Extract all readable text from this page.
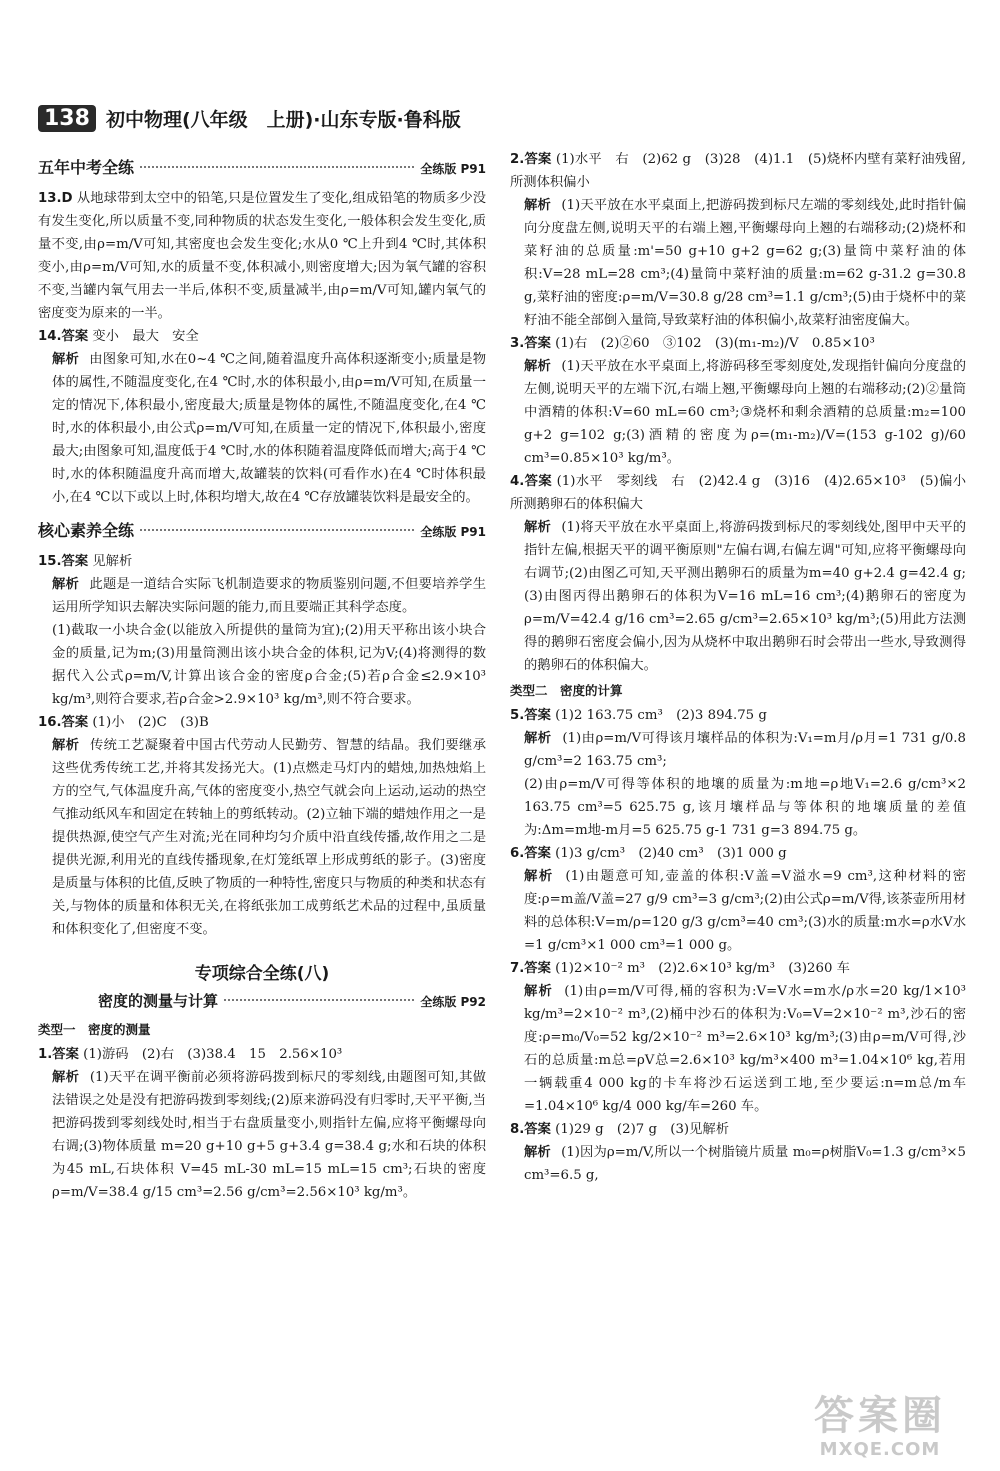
138 初中物理(八年级　上册)·山东专版·鲁科版
五年中考全练	全练版 P91

13.D 从地球带到太空中的铅笔,只是位置发生了变化,组成铅笔的物质多少没有发生变化,所以质量不变,同种物质的状态发生变化,一般体积会发生变化,质量不变,由ρ=m/V可知,其密度也会发生变化;水从0 ℃上升到4 ℃时,其体积变小,由ρ=m/V可知,水的质量不变,体积减小,则密度增大;因为氧气罐的容积不变,当罐内氧气用去一半后,体积不变,质量减半,由ρ=m/V可知,罐内氧气的密度变为原来的一半。

14.答案 变小　最大　安全

解析 由图象可知,水在0~4 ℃之间,随着温度升高体积逐渐变小;质量是物体的属性,不随温度变化,在4 ℃时,水的体积最小,由ρ=m/V可知,在质量一定的情况下,体积最小,密度最大;质量是物体的属性,不随温度变化,在4 ℃时,水的体积最小,由公式ρ=m/V可知,在质量一定的情况下,体积最小,密度最大;由图象可知,温度低于4 ℃时,水的体积随着温度降低而增大;高于4 ℃时,水的体积随温度升高而增大,故罐装的饮料(可看作水)在4 ℃时体积最小,在4 ℃以下或以上时,体积均增大,故在4 ℃存放罐装饮料是最安全的。

核心素养全练	全练版 P91

15.答案 见解析

解析 此题是一道结合实际飞机制造要求的物质鉴别问题,不但要培养学生运用所学知识去解决实际问题的能力,而且要端正其科学态度。

(1)截取一小块合金(以能放入所提供的量筒为宜);(2)用天平称出该小块合金的质量,记为m;(3)用量筒测出该小块合金的体积,记为V;(4)将测得的数据代入公式ρ=m/V,计算出该合金的密度ρ合金;(5)若ρ合金≤2.9×10³ kg/m³,则符合要求,若ρ合金>2.9×10³ kg/m³,则不符合要求。

16.答案 (1)小　(2)C　(3)B

解析 传统工艺凝聚着中国古代劳动人民勤劳、智慧的结晶。我们要继承这些优秀传统工艺,并将其发扬光大。(1)点燃走马灯内的蜡烛,加热烛焰上方的空气,气体温度升高,气体的密度变小,热空气就会向上运动,运动的热空气推动纸风车和固定在转轴上的剪纸转动。(2)立轴下端的蜡烛作用之一是提供热源,使空气产生对流;光在同种均匀介质中沿直线传播,故作用之二是提供光源,利用光的直线传播现象,在灯笼纸罩上形成剪纸的影子。(3)密度是质量与体积的比值,反映了物质的一种特性,密度只与物质的种类和状态有关,与物体的质量和体积无关,在将纸张加工成剪纸艺术品的过程中,虽质量和体积变化了,但密度不变。

专项综合全练(八)
密度的测量与计算	全练版 P92
类型一　密度的测量

1.答案 (1)游码　(2)右　(3)38.4　15　2.56×10³

解析 (1)天平在调平衡前必须将游码拨到标尺的零刻线,由题图可知,其做法错误之处是没有把游码拨到零刻线;(2)原来游码没有归零时,天平平衡,当把游码拨到零刻线处时,相当于右盘质量变小,则指针左偏,应将平衡螺母向右调;(3)物体质量 m=20 g+10 g+5 g+3.4 g=38.4 g;水和石块的体积为45 mL,石块体积 V=45 mL-30 mL=15 mL=15 cm³;石块的密度 ρ=m/V=38.4 g/15 cm³=2.56 g/cm³=2.56×10³ kg/m³。

2.答案 (1)水平　右　(2)62 g　(3)28　(4)1.1　(5)烧杯内壁有菜籽油残留,所测体积偏小

解析 (1)天平放在水平桌面上,把游码拨到标尺左端的零刻线处,此时指针偏向分度盘左侧,说明天平的右端上翘,平衡螺母向上翘的右端移动;(2)烧杯和菜籽油的总质量:m'=50 g+10 g+2 g=62 g;(3)量筒中菜籽油的体积:V=28 mL=28 cm³;(4)量筒中菜籽油的质量:m=62 g-31.2 g=30.8 g,菜籽油的密度:ρ=m/V=30.8 g/28 cm³=1.1 g/cm³;(5)由于烧杯中的菜籽油不能全部倒入量筒,导致菜籽油的体积偏小,故菜籽油密度偏大。

3.答案 (1)右　(2)②60　③102　(3)(m₁-m₂)/V　0.85×10³

解析 (1)天平放在水平桌面上,将游码移至零刻度处,发现指针偏向分度盘的左侧,说明天平的左端下沉,右端上翘,平衡螺母向上翘的右端移动;(2)②量筒中酒精的体积:V=60 mL=60 cm³;③烧杯和剩余酒精的总质量:m₂=100 g+2 g=102 g;(3)酒精的密度为ρ=(m₁-m₂)/V=(153 g-102 g)/60 cm³=0.85×10³ kg/m³。

4.答案 (1)水平　零刻线　右　(2)42.4 g　(3)16　(4)2.65×10³　(5)偏小　所测鹅卵石的体积偏大

解析 (1)将天平放在水平桌面上,将游码拨到标尺的零刻线处,图甲中天平的指针左偏,根据天平的调平衡原则"左偏右调,右偏左调"可知,应将平衡螺母向右调节;(2)由图乙可知,天平测出鹅卵石的质量为m=40 g+2.4 g=42.4 g;(3)由图丙得出鹅卵石的体积为V=16 mL=16 cm³;(4)鹅卵石的密度为ρ=m/V=42.4 g/16 cm³=2.65 g/cm³=2.65×10³ kg/m³;(5)用此方法测得的鹅卵石密度会偏小,因为从烧杯中取出鹅卵石时会带出一些水,导致测得的鹅卵石的体积偏大。

类型二　密度的计算

5.答案 (1)2 163.75 cm³　(2)3 894.75 g

解析 (1)由ρ=m/V可得该月壤样品的体积为:V₁=m月/ρ月=1 731 g/0.8 g/cm³=2 163.75 cm³;

(2)由ρ=m/V可得等体积的地壤的质量为:m地=ρ地V₁=2.6 g/cm³×2 163.75 cm³=5 625.75 g,该月壤样品与等体积的地壤质量的差值为:Δm=m地-m月=5 625.75 g-1 731 g=3 894.75 g。

6.答案 (1)3 g/cm³　(2)40 cm³　(3)1 000 g

解析 (1)由题意可知,壶盖的体积:V盖=V溢水=9 cm³,这种材料的密度:ρ=m盖/V盖=27 g/9 cm³=3 g/cm³;(2)由公式ρ=m/V得,该茶壶所用材料的总体积:V=m/ρ=120 g/3 g/cm³=40 cm³;(3)水的质量:m水=ρ水V水=1 g/cm³×1 000 cm³=1 000 g。

7.答案 (1)2×10⁻² m³　(2)2.6×10³ kg/m³　(3)260 车

解析 (1)由ρ=m/V可得,桶的容积为:V=V水=m水/ρ水=20 kg/1×10³ kg/m³=2×10⁻² m³,(2)桶中沙石的体积为:V₀=V=2×10⁻² m³,沙石的密度:ρ=m₀/V₀=52 kg/2×10⁻² m³=2.6×10³ kg/m³;(3)由ρ=m/V可得,沙石的总质量:m总=ρV总=2.6×10³ kg/m³×400 m³=1.04×10⁶ kg,若用一辆载重4 000 kg的卡车将沙石运送到工地,至少要运:n=m总/m车=1.04×10⁶ kg/4 000 kg/车=260 车。

8.答案 (1)29 g　(2)7 g　(3)见解析

解析 (1)因为ρ=m/V,所以一个树脂镜片质量 m₀=ρ树脂V₀=1.3 g/cm³×5 cm³=6.5 g,

答案圈
MXQE.COM
